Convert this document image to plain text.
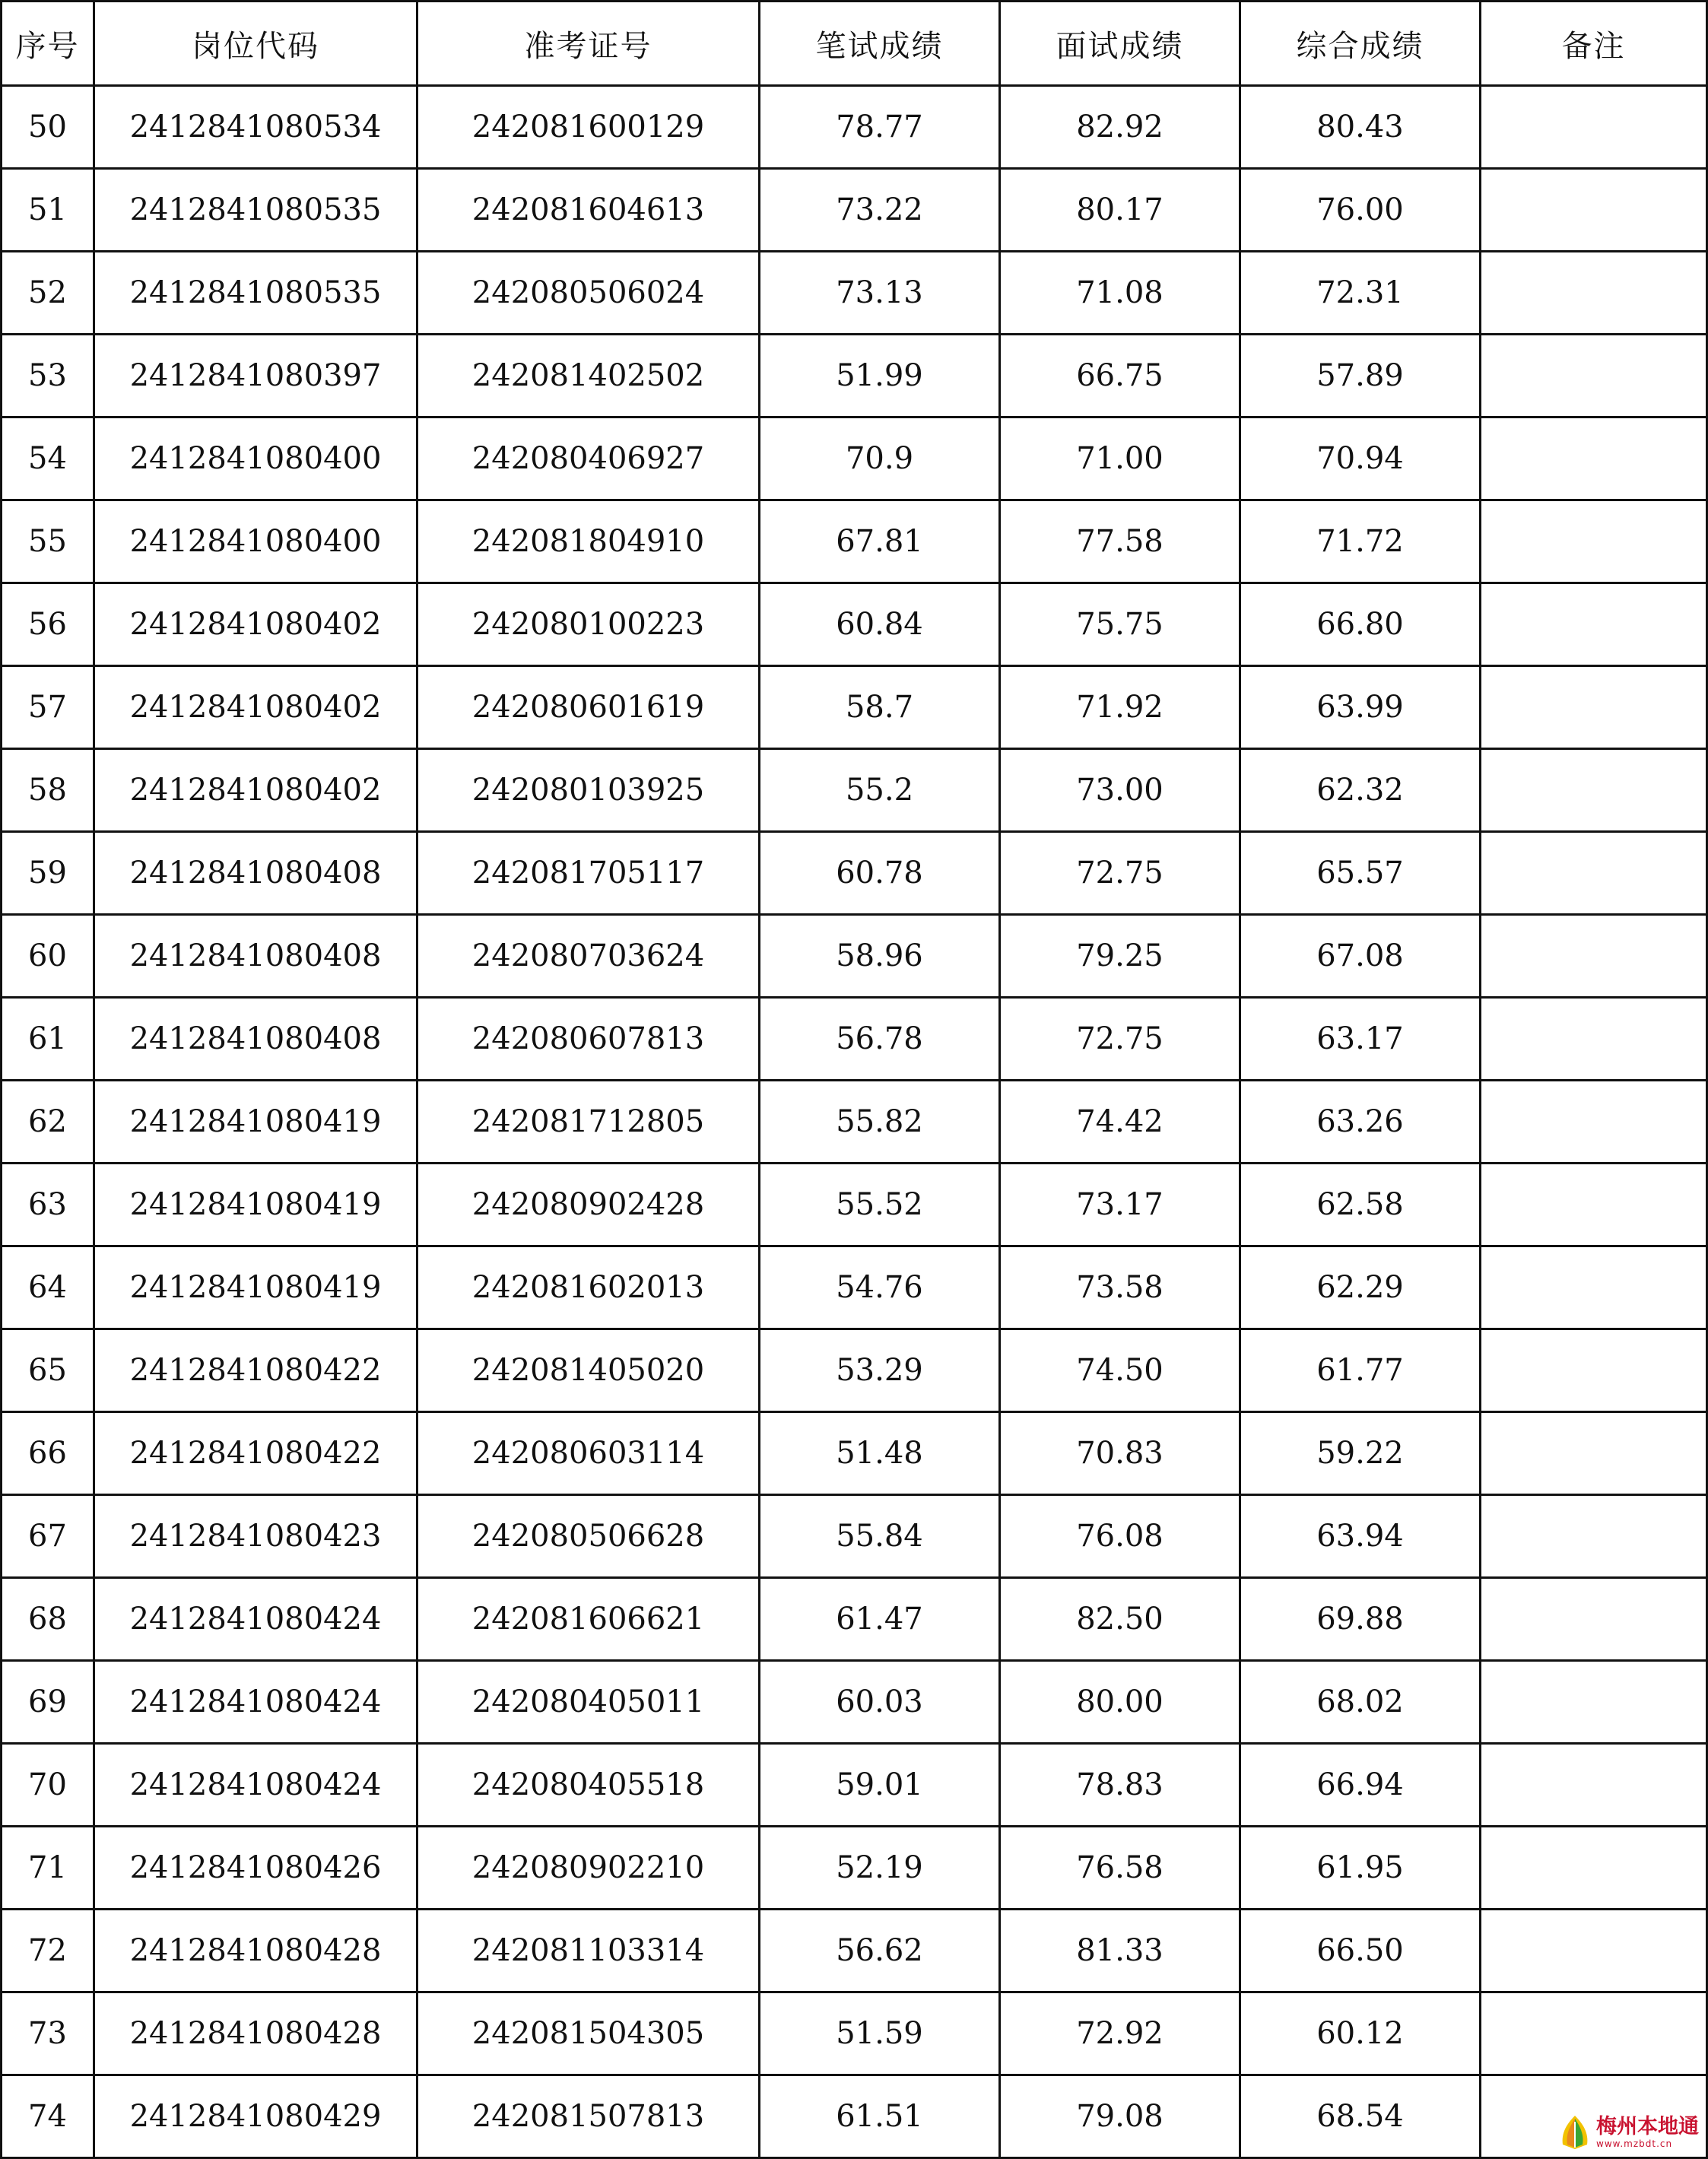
序号	岗位代码	准考证号	笔试成绩	面试成绩	综合成绩	备注
50	2412841080534	242081600129	78.77	82.92	80.43	
51	2412841080535	242081604613	73.22	80.17	76.00	
52	2412841080535	242080506024	73.13	71.08	72.31	
53	2412841080397	242081402502	51.99	66.75	57.89	
54	2412841080400	242080406927	70.9	71.00	70.94	
55	2412841080400	242081804910	67.81	77.58	71.72	
56	2412841080402	242080100223	60.84	75.75	66.80	
57	2412841080402	242080601619	58.7	71.92	63.99	
58	2412841080402	242080103925	55.2	73.00	62.32	
59	2412841080408	242081705117	60.78	72.75	65.57	
60	2412841080408	242080703624	58.96	79.25	67.08	
61	2412841080408	242080607813	56.78	72.75	63.17	
62	2412841080419	242081712805	55.82	74.42	63.26	
63	2412841080419	242080902428	55.52	73.17	62.58	
64	2412841080419	242081602013	54.76	73.58	62.29	
65	2412841080422	242081405020	53.29	74.50	61.77	
66	2412841080422	242080603114	51.48	70.83	59.22	
67	2412841080423	242080506628	55.84	76.08	63.94	
68	2412841080424	242081606621	61.47	82.50	69.88	
69	2412841080424	242080405011	60.03	80.00	68.02	
70	2412841080424	242080405518	59.01	78.83	66.94	
71	2412841080426	242080902210	52.19	76.58	61.95	
72	2412841080428	242081103314	56.62	81.33	66.50	
73	2412841080428	242081504305	51.59	72.92	60.12	
74	2412841080429	242081507813	61.51	79.08	68.54		梅州本地通
www.mzbdt.cn
